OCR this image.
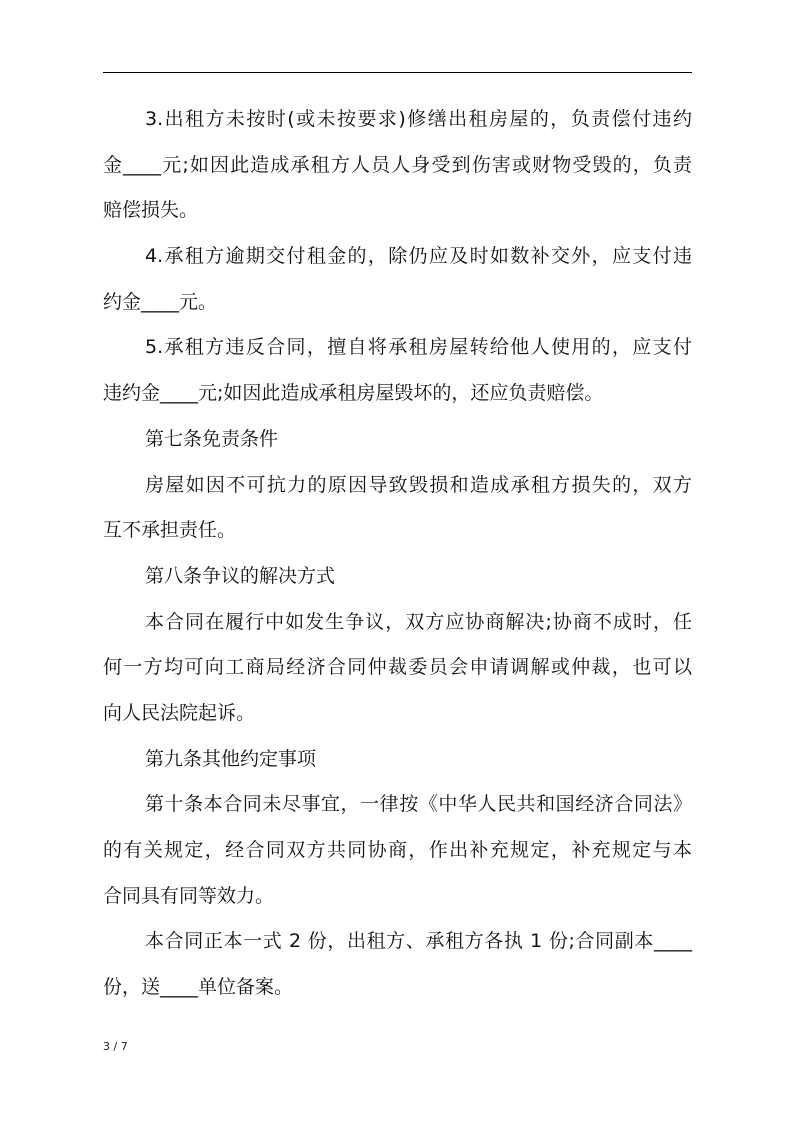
3.出租方未按时(或未按要求)修缮出租房屋的，负责偿付违约
金____元;如因此造成承租方人员人身受到伤害或财物受毁的，负责
赔偿损失。
4.承租方逾期交付租金的，除仍应及时如数补交外，应支付违
约金____元。
5.承租方违反合同，擅自将承租房屋转给他人使用的，应支付
违约金____元;如因此造成承租房屋毁坏的，还应负责赔偿。
第七条免责条件
房屋如因不可抗力的原因导致毁损和造成承租方损失的，双方
互不承担责任。
第八条争议的解决方式
本合同在履行中如发生争议，双方应协商解决;协商不成时，任
何一方均可向工商局经济合同仲裁委员会申请调解或仲裁，也可以
向人民法院起诉。
第九条其他约定事项
第十条本合同未尽事宜，一律按《中华人民共和国经济合同法》
的有关规定，经合同双方共同协商，作出补充规定，补充规定与本
合同具有同等效力。
本合同正本一式 2 份，出租方、承租方各执 1 份;合同副本____
份，送____单位备案。
3 / 7
